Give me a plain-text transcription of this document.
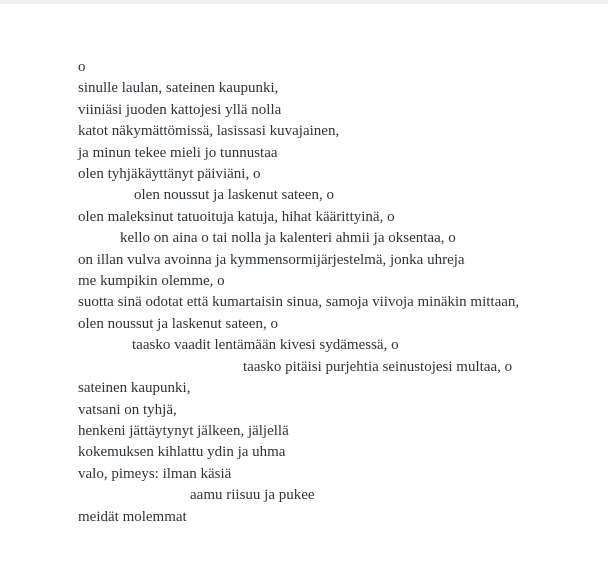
o
sinulle laulan, sateinen kaupunki,
viiniäsi juoden kattojesi yllä nolla
katot näkymättömissä, lasissasi kuvajainen,
ja minun tekee mieli jo tunnustaa
olen tyhjäkäyttänyt päiviäni, o
olen noussut ja laskenut sateen, o
olen maleksinut tatuoituja katuja, hihat käärittyinä, o
kello on aina o tai nolla ja kalenteri ahmii ja oksentaa, o
on illan vulva avoinna ja kymmensormijärjestelmä, jonka uhreja
me kumpikin olemme, o
suotta sinä odotat että kumartaisin sinua, samoja viivoja minäkin mittaan,
olen noussut ja laskenut sateen, o
taasko vaadit lentämään kivesi sydämessä, o
taasko pitäisi purjehtia seinustojesi multaa, o
sateinen kaupunki,
vatsani on tyhjä,
henkeni jättäytynyt jälkeen, jäljellä
kokemuksen kihlattu ydin ja uhma
valo, pimeys: ilman käsiä
aamu riisuu ja pukee
meidät molemmat
